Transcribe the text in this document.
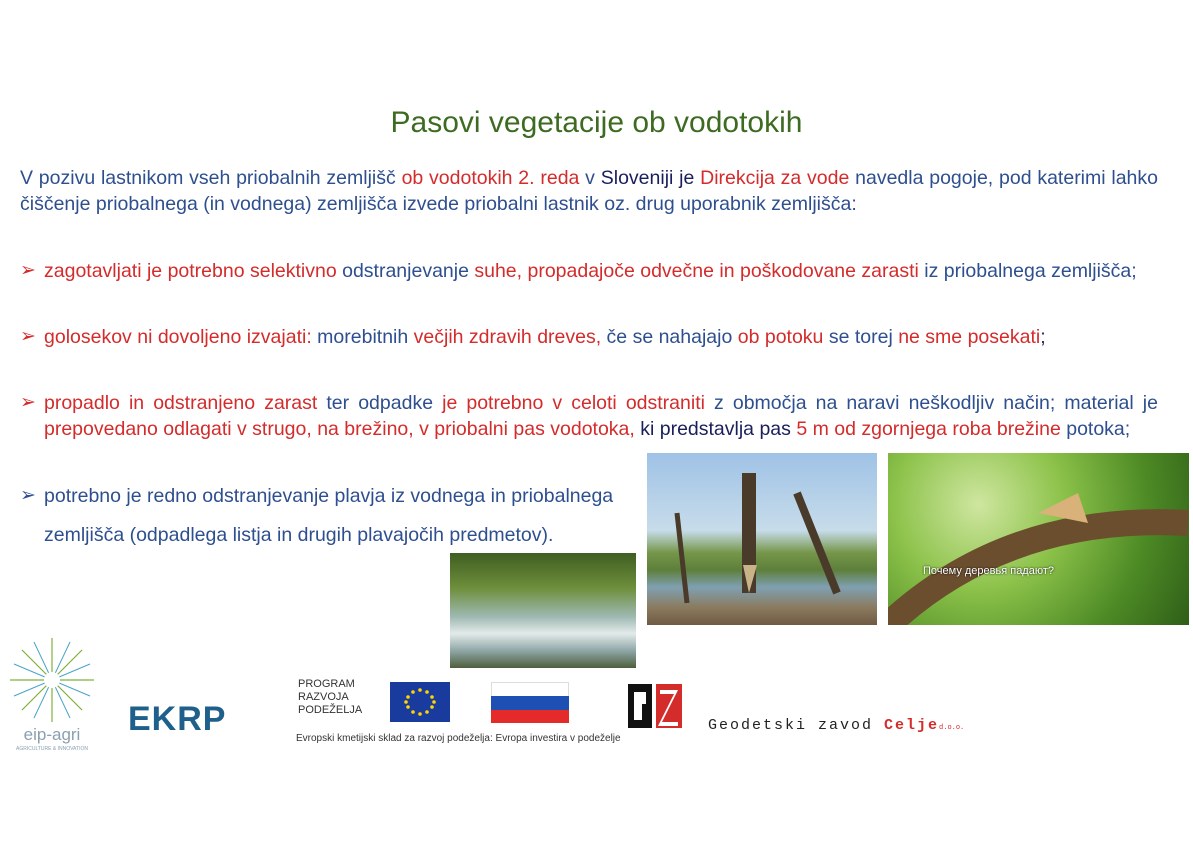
Pasovi vegetacije ob vodotokih
V pozivu lastnikom vseh priobalnih zemljišč ob vodotokih 2. reda v Sloveniji je Direkcija za vode navedla pogoje, pod katerimi lahko čiščenje priobalnega (in vodnega) zemljišča izvede priobalni lastnik oz. drug uporabnik zemljišča:
➢ zagotavljati je potrebno selektivno odstranjevanje suhe, propadajoče odvečne in poškodovane zarasti iz priobalnega zemljišča;
➢ golosekov ni dovoljeno izvajati: morebitnih večjih zdravih dreves, če se nahajajo ob potoku se torej ne sme posekati;
➢ propadlo in odstranjeno zarast ter odpadke je potrebno v celoti odstraniti z območja na naravi neškodljiv način; material je prepovedano odlagati v strugo, na brežino, v priobalni pas vodotoka, ki predstavlja pas 5 m od zgornjega roba brežine potoka;
➢ potrebno je redno odstranjevanje plavja iz vodnega in priobalnega zemljišča (odpadlega listja in drugih plavajočih predmetov).
Почему деревья падают?
eip-agri
AGRICULTURE & INNOVATION
EKRP
PROGRAM
RAZVOJA
PODEŽELJA
Evropski kmetijski sklad za razvoj podeželja: Evropa investira v podeželje
Geodetski zavod Celjed.o.o.
